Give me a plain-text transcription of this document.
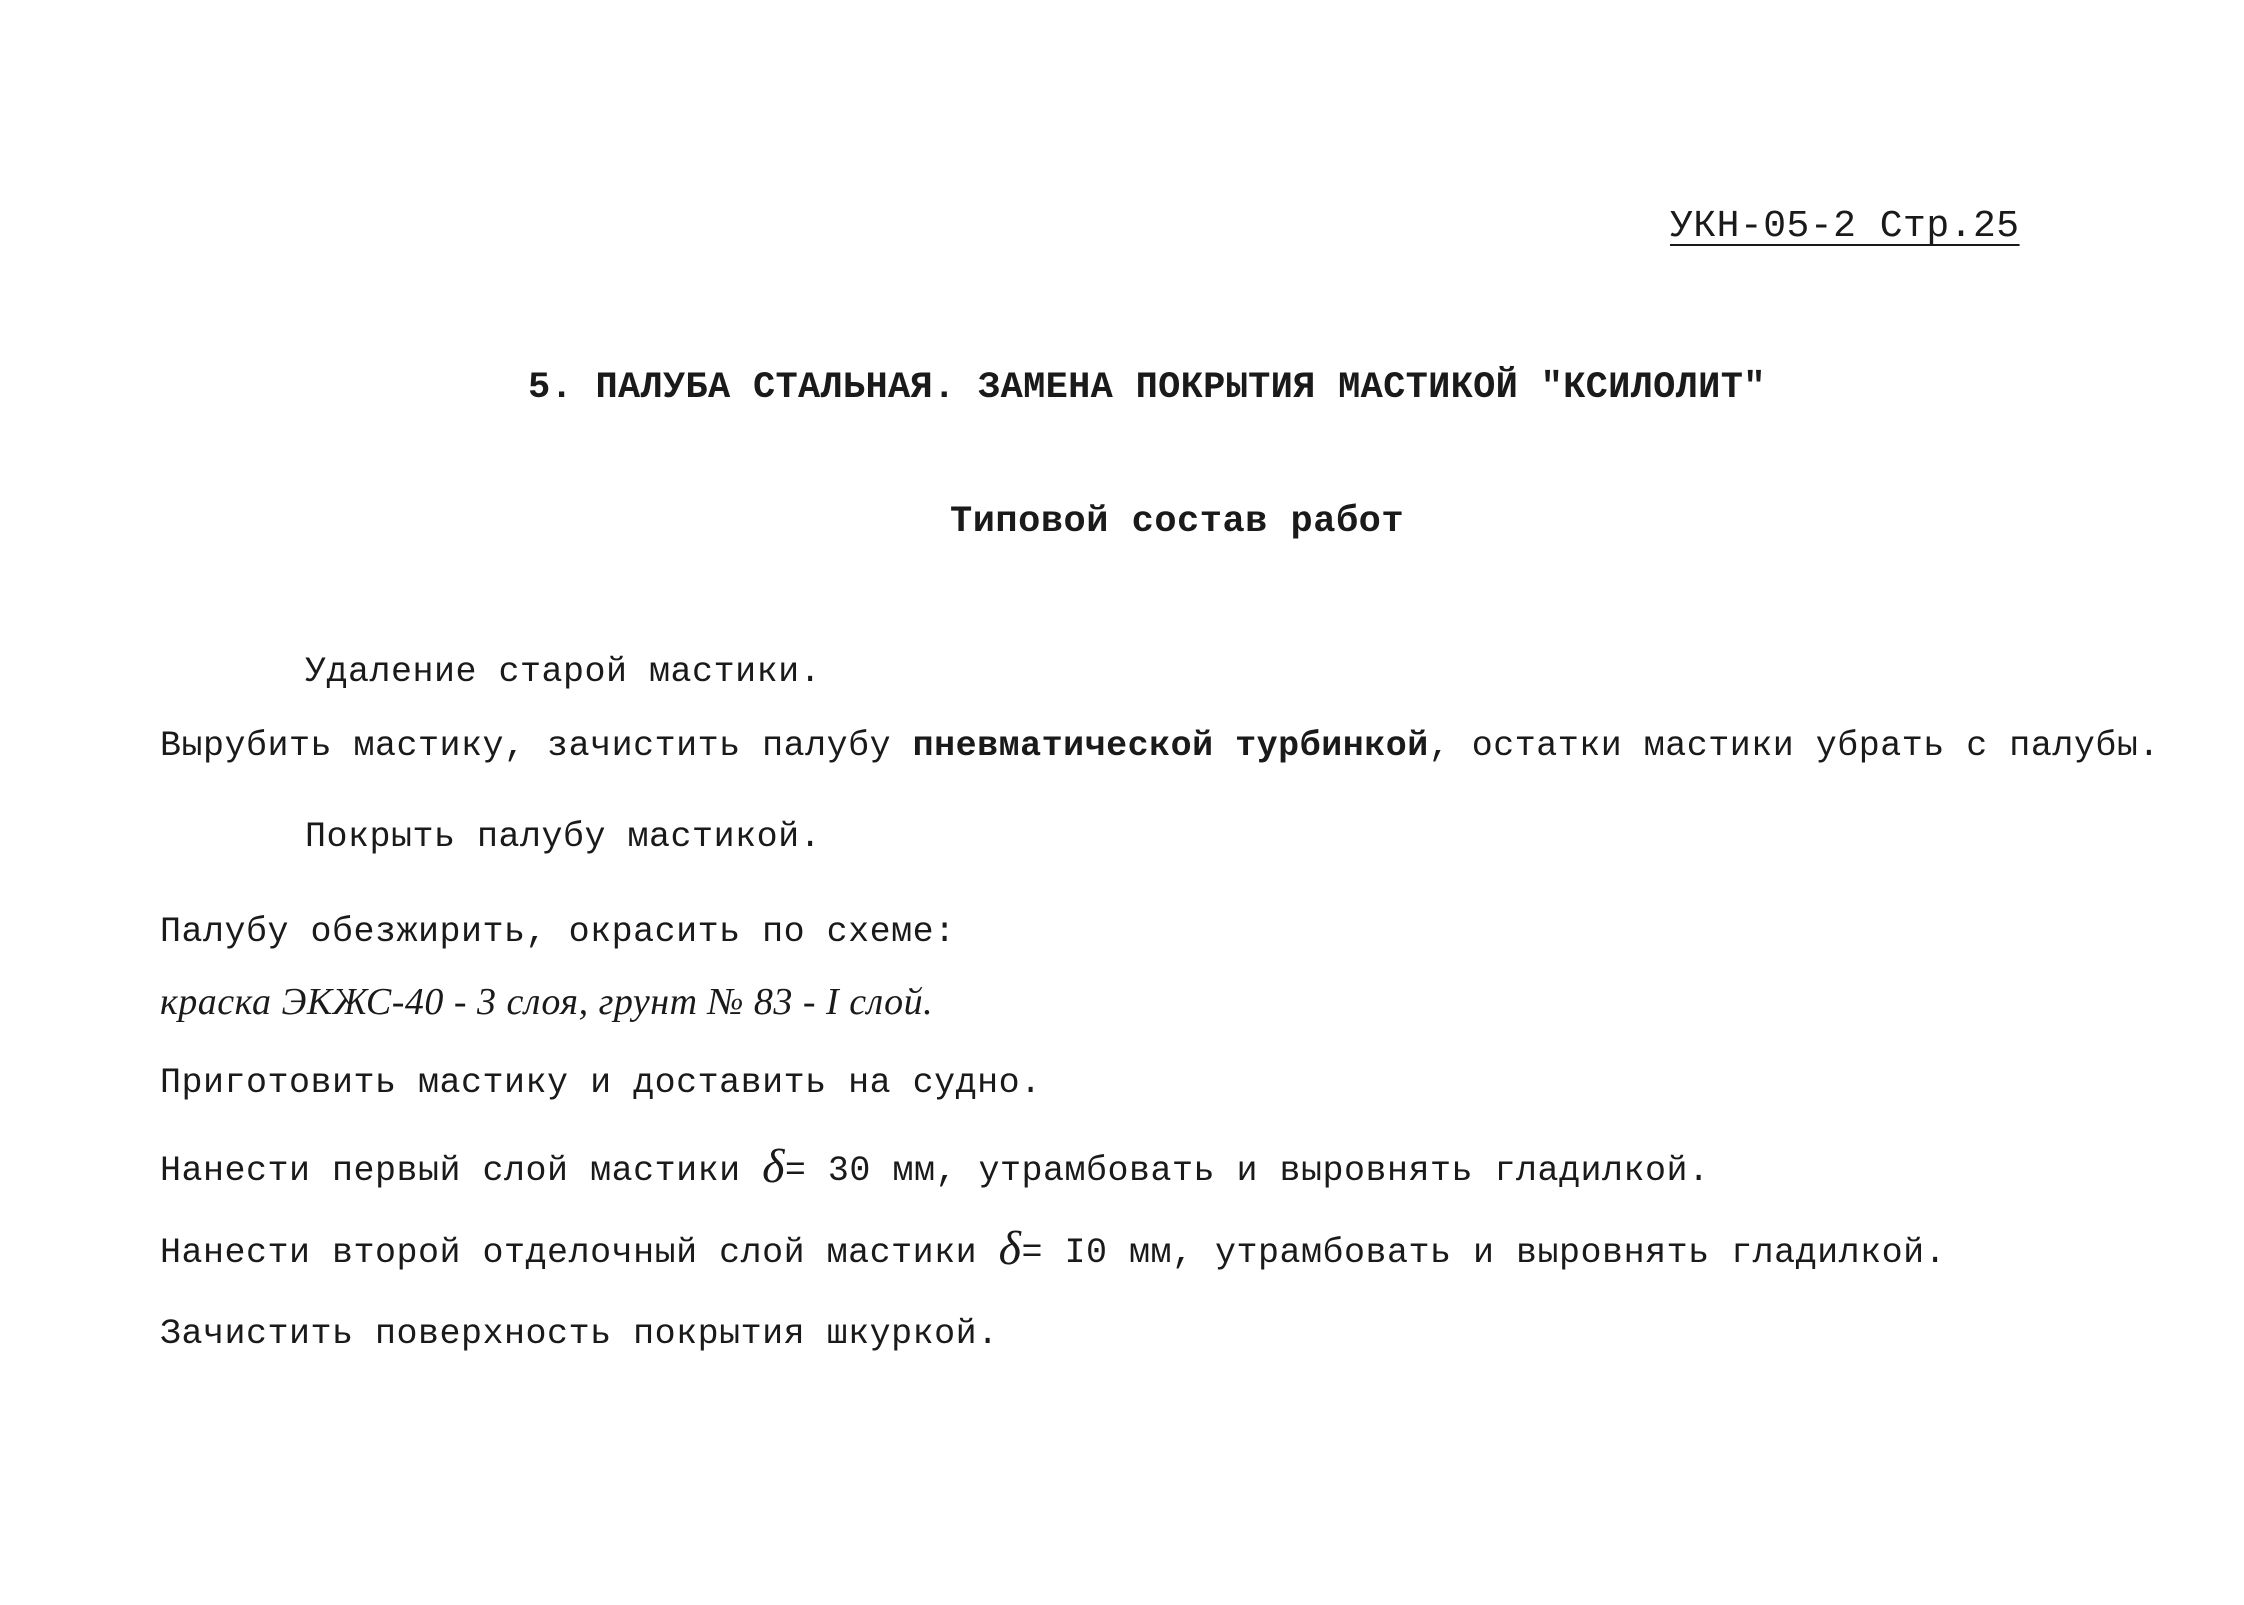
УКН-05-2 Стр.25
5. ПАЛУБА СТАЛЬНАЯ. ЗАМЕНА ПОКРЫТИЯ МАСТИКОЙ "КСИЛОЛИТ"
Типовой состав работ
Удаление старой мастики.
Вырубить мастику, зачистить палубу пневматической турбинкой, остатки мастики убрать с палубы.
Покрыть палубу мастикой.
Палубу обезжирить, окрасить по схеме:
краска ЭКЖС-40 - 3 слоя, грунт № 83 - I слой.
Приготовить мастику и доставить на судно.
Нанести первый слой мастики δ= 30 мм, утрамбовать и выровнять гладилкой.
Нанести второй отделочный слой мастики δ= I0 мм, утрамбовать и выровнять гладилкой.
Зачистить поверхность покрытия шкуркой.
